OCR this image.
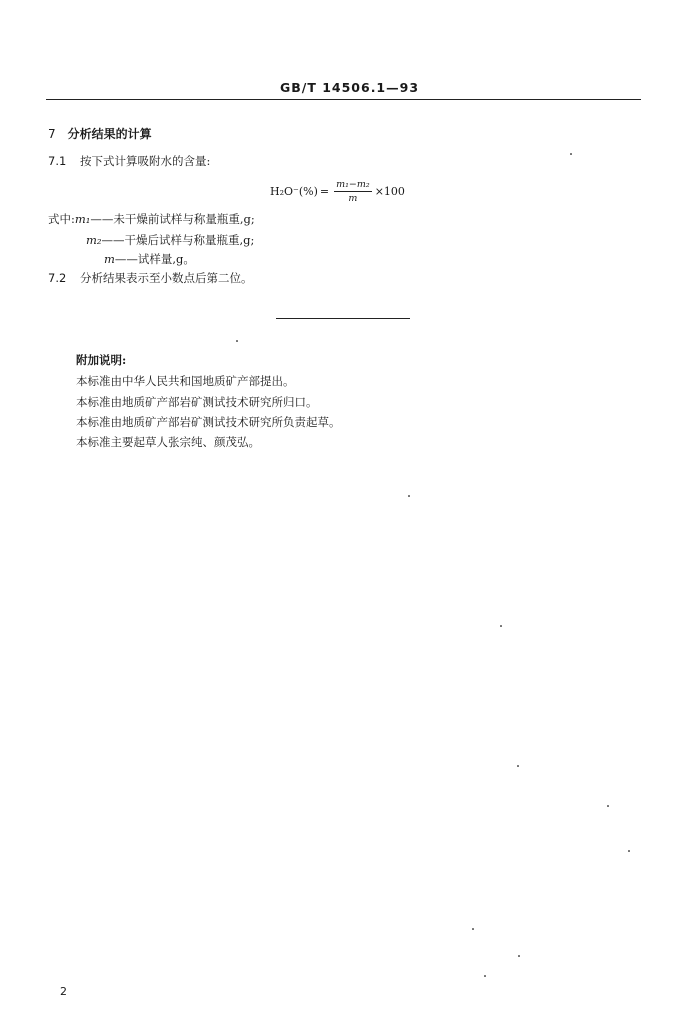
GB/T 14506.1—93
7 分析结果的计算
7.1 按下式计算吸附水的含量:
$H_2O^-(\%) = \frac{\text{m₁−m₂}}{m} \times 100$
式中:m₁——未干燥前试样与称量瓶重,g;
m₂——干燥后试样与称量瓶重,g;
m——试样量,g。
7.2 分析结果表示至小数点后第二位。
附加说明:
本标准由中华人民共和国地质矿产部提出。
本标准由地质矿产部岩矿测试技术研究所归口。
本标准由地质矿产部岩矿测试技术研究所负责起草。
本标准主要起草人张宗纯、颜茂弘。
2
